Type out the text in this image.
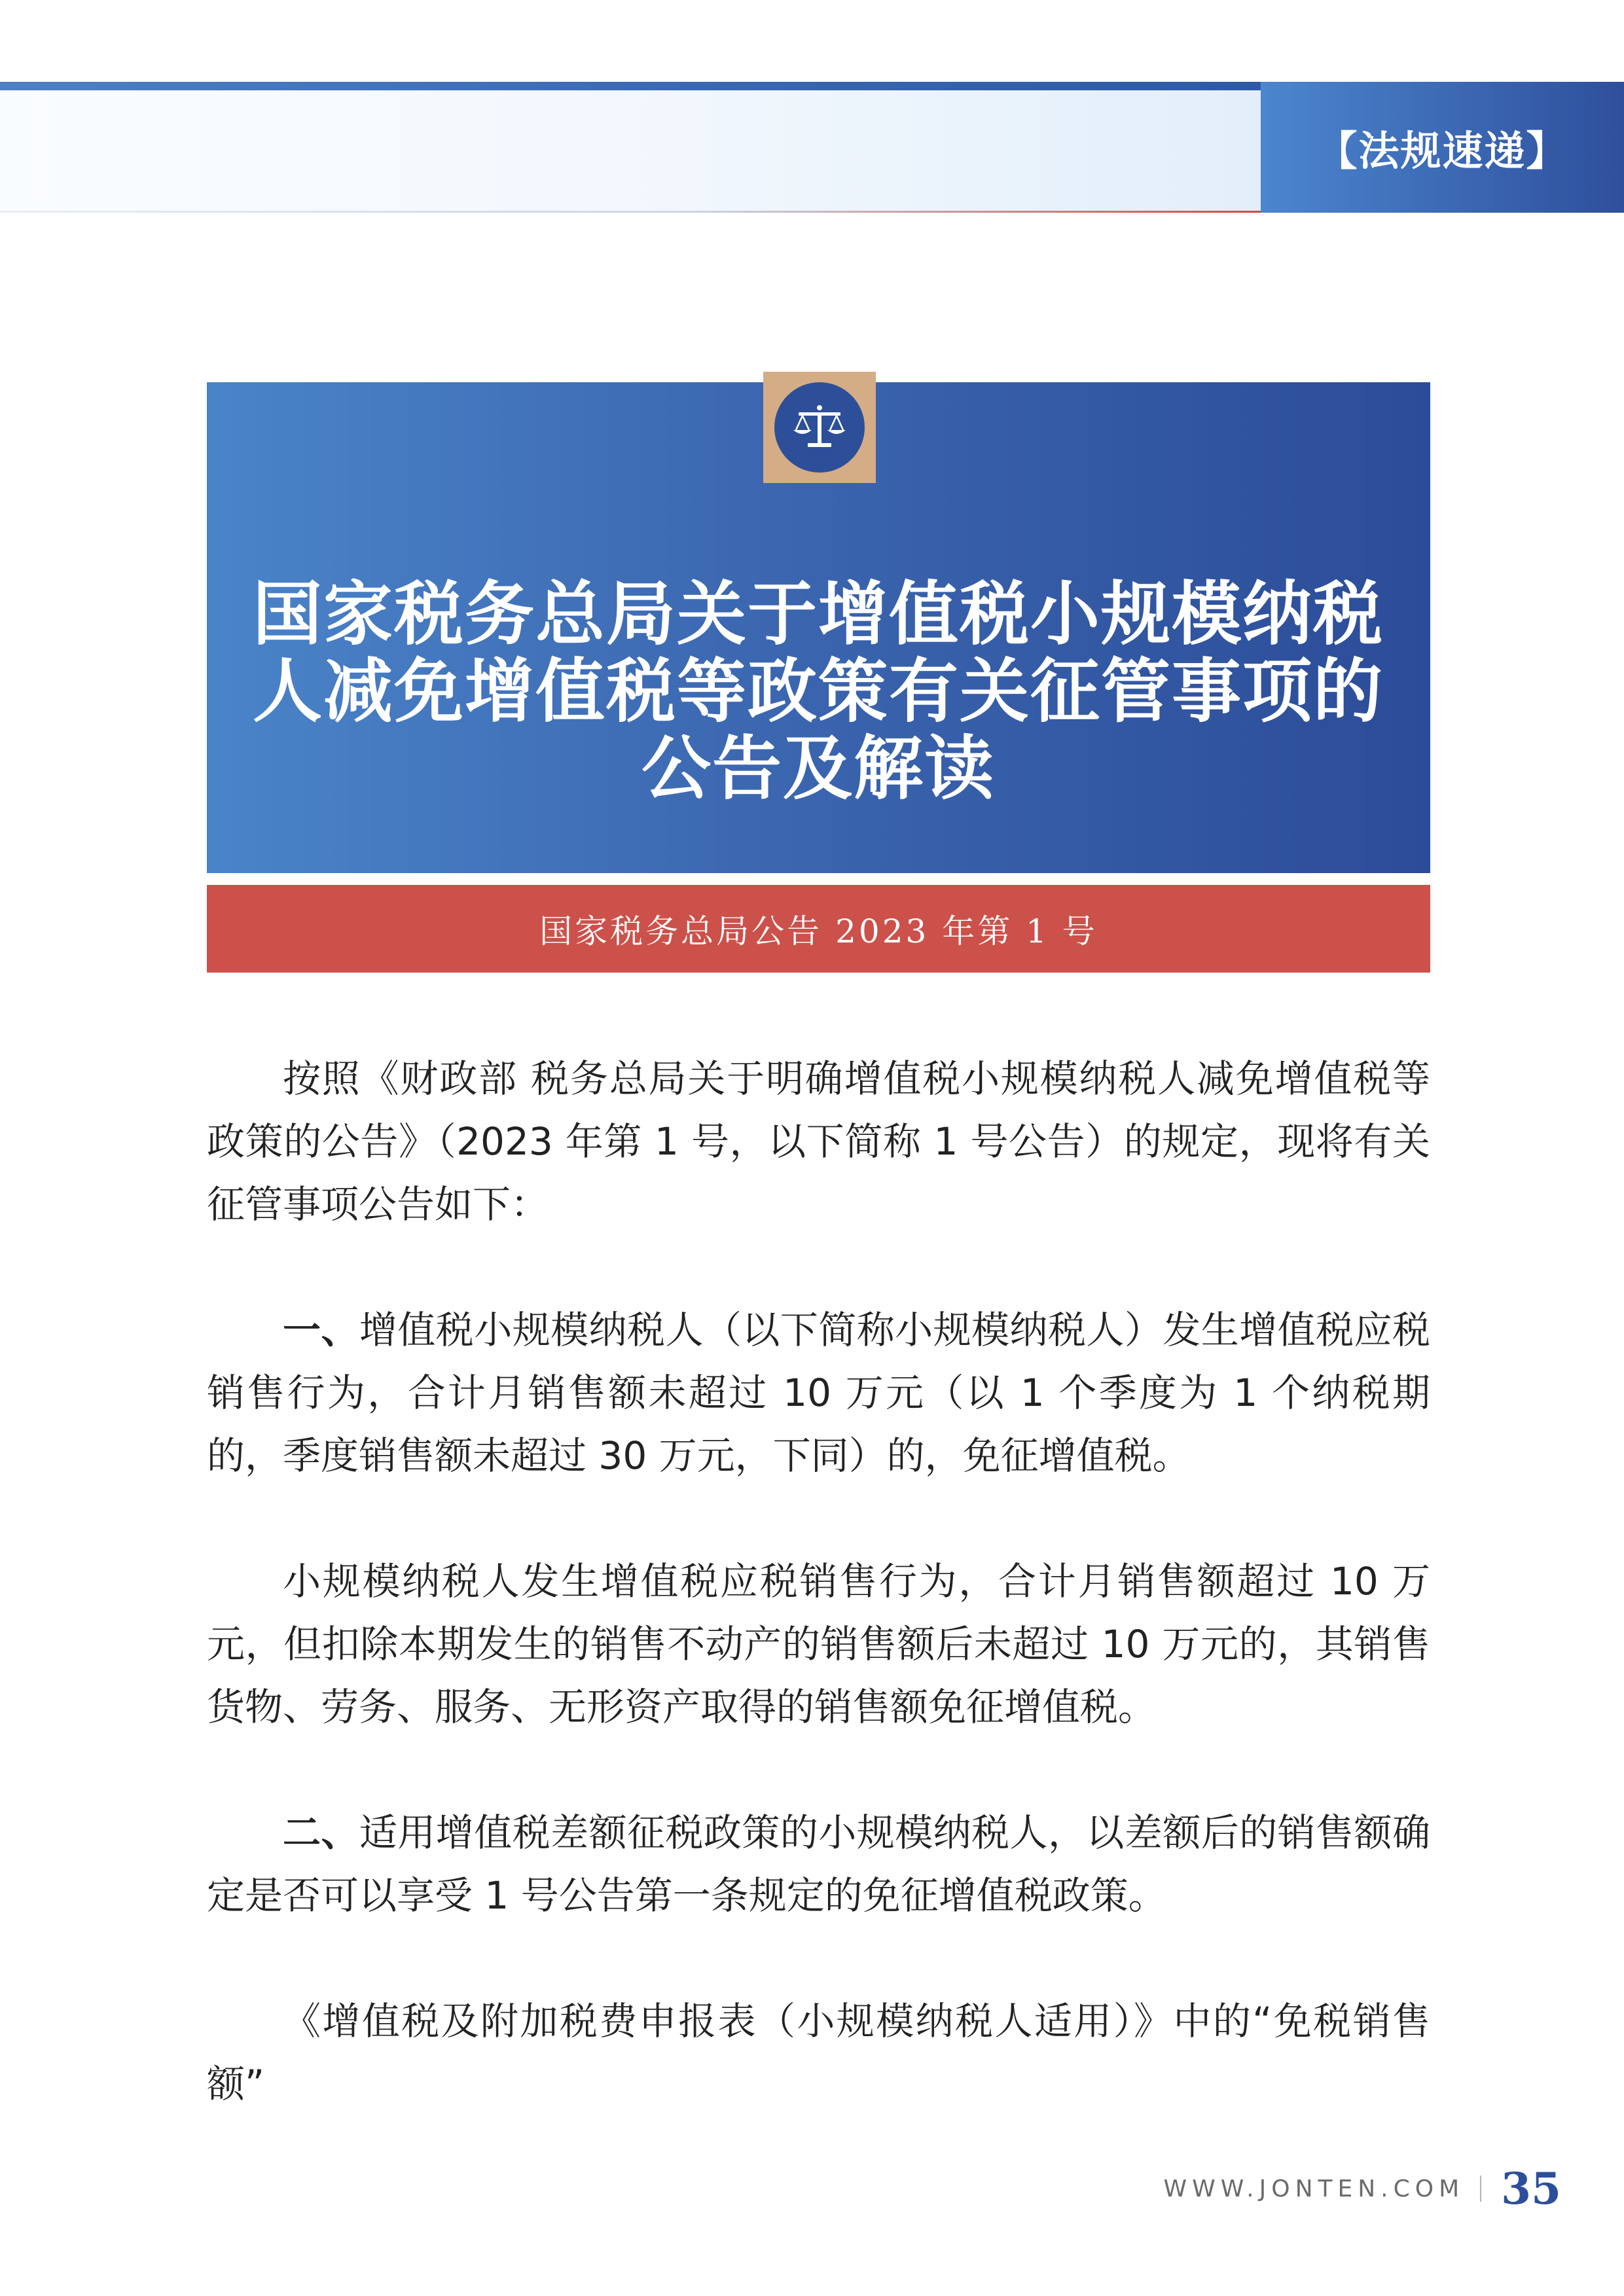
【法规速递】
国家税务总局关于增值税小规模纳税
人减免增值税等政策有关征管事项的
公告及解读
国家税务总局公告 2023 年第 1 号

按照《财政部 税务总局关于明确增值税小规模纳税人减免增值税等政策的公告》（2023 年第 1 号，以下简称 1 号公告）的规定，现将有关征管事项公告如下：

一、增值税小规模纳税人（以下简称小规模纳税人）发生增值税应税销售行为，合计月销售额未超过 10 万元（以 1 个季度为 1 个纳税期的，季度销售额未超过 30 万元，下同）的，免征增值税。

小规模纳税人发生增值税应税销售行为，合计月销售额超过 10 万元，但扣除本期发生的销售不动产的销售额后未超过 10 万元的，其销售货物、劳务、服务、无形资产取得的销售额免征增值税。

二、适用增值税差额征税政策的小规模纳税人，以差额后的销售额确定是否可以享受 1 号公告第一条规定的免征增值税政策。

《增值税及附加税费申报表（小规模纳税人适用）》中的“免税销售额”

WWW.JONTEN.COM 35
